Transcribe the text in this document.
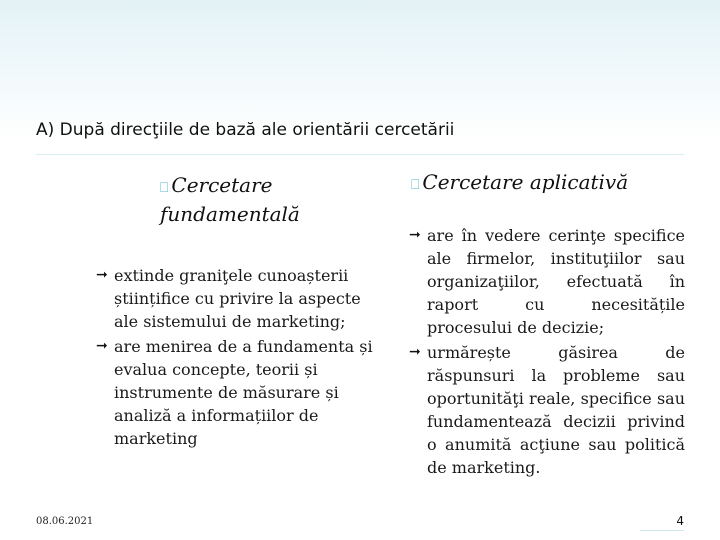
A) După direcţiile de bază ale orientării cercetării
⎕ Cercetare
fundamentală
⎕ Cercetare aplicativă
➞ extinde graniţele cunoașterii științifice cu privire la aspecte ale sistemului de marketing;
➞ are menirea de a fundamenta și evalua concepte, teorii și instrumente de măsurare și analiză a informațiilor de marketing
➞ are în vedere cerinţe specifice ale firmelor, instituţiilor sau organizaţiilor, efectuată în raport cu necesitățile procesului de decizie;
➞ urmărește găsirea de răspunsuri la probleme sau oportunităţi reale, specifice sau fundamentează decizii privind o anumită acţiune sau politică de marketing.
08.06.2021	4
